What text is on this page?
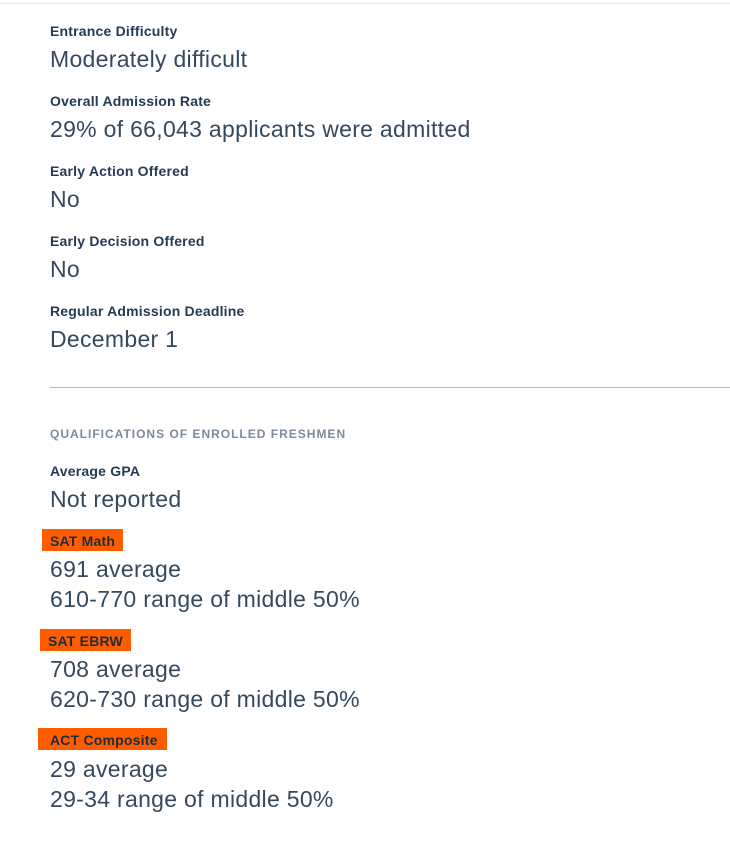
Entrance Difficulty
Moderately difficult
Overall Admission Rate
29% of 66,043 applicants were admitted
Early Action Offered
No
Early Decision Offered
No
Regular Admission Deadline
December 1
QUALIFICATIONS OF ENROLLED FRESHMEN
Average GPA
Not reported
SAT Math
691 average
610-770 range of middle 50%
SAT EBRW
708 average
620-730 range of middle 50%
ACT Composite
29 average
29-34 range of middle 50%
